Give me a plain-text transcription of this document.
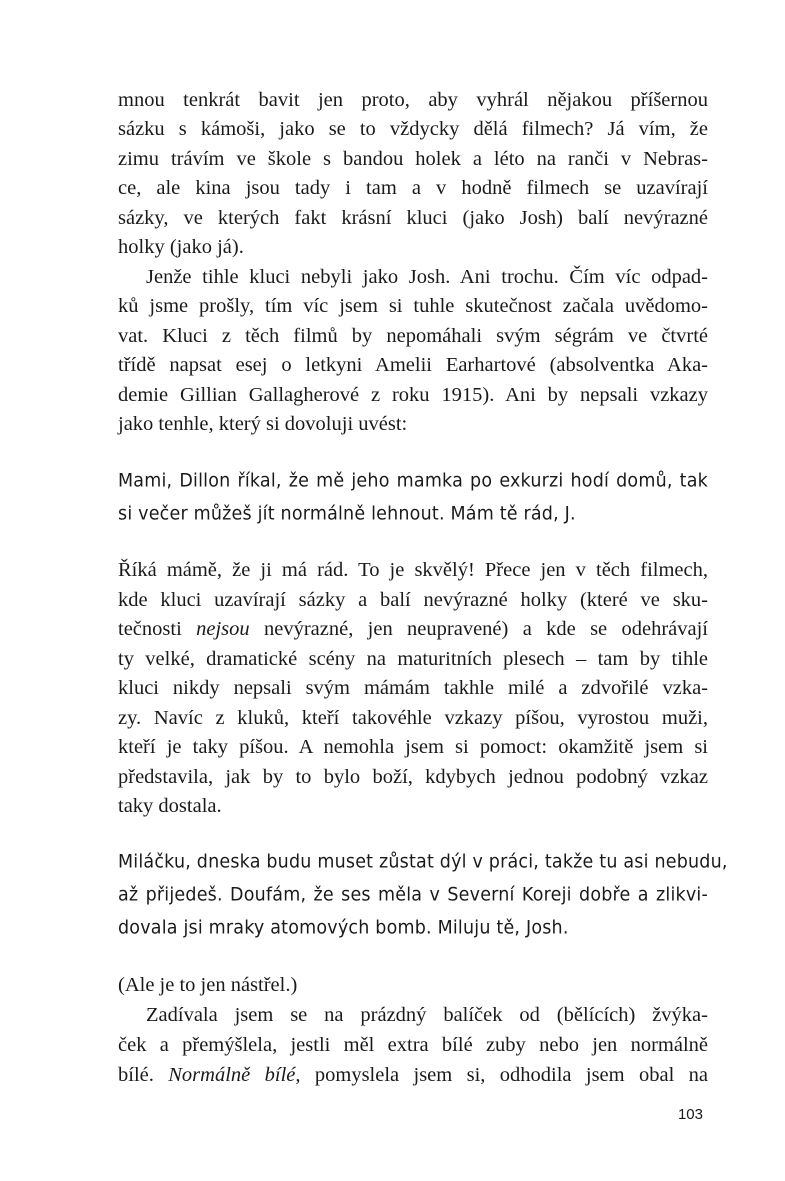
mnou tenkrát bavit jen proto, aby vyhrál nějakou příšernou
sázku s kámoši, jako se to vždycky dělá filmech? Já vím, že
zimu trávím ve škole s bandou holek a léto na ranči v Nebras-
ce, ale kina jsou tady i tam a v hodně filmech se uzavírají
sázky, ve kterých fakt krásní kluci (jako Josh) balí nevýrazné
holky (jako já).
Jenže tihle kluci nebyli jako Josh. Ani trochu. Čím víc odpad-
ků jsme prošly, tím víc jsem si tuhle skutečnost začala uvědomo-
vat. Kluci z těch filmů by nepomáhali svým ségrám ve čtvrté
třídě napsat esej o letkyni Amelii Earhartové (absolventka Aka-
demie Gillian Gallagherové z roku 1915). Ani by nepsali vzkazy
jako tenhle, který si dovoluji uvést:
Mami, Dillon říkal, že mě jeho mamka po exkurzi hodí domů, tak
si večer můžeš jít normálně lehnout. Mám tě rád, J.
Říká mámě, že ji má rád. To je skvělý! Přece jen v těch filmech,
kde kluci uzavírají sázky a balí nevýrazné holky (které ve sku-
tečnosti nejsou nevýrazné, jen neupravené) a kde se odehrávají
ty velké, dramatické scény na maturitních plesech – tam by tihle
kluci nikdy nepsali svým mámám takhle milé a zdvořilé vzka-
zy. Navíc z kluků, kteří takovéhle vzkazy píšou, vyrostou muži,
kteří je taky píšou. A nemohla jsem si pomoct: okamžitě jsem si
představila, jak by to bylo boží, kdybych jednou podobný vzkaz
taky dostala.
Miláčku, dneska budu muset zůstat dýl v práci, takže tu asi nebudu,
až přijedeš. Doufám, že ses měla v Severní Koreji dobře a zlikvi-
dovala jsi mraky atomových bomb. Miluju tě, Josh.
(Ale je to jen nástřel.)
Zadívala jsem se na prázdný balíček od (bělících) žvýka-
ček a přemýšlela, jestli měl extra bílé zuby nebo jen normálně
bílé. Normálně bílé, pomyslela jsem si, odhodila jsem obal na
103
